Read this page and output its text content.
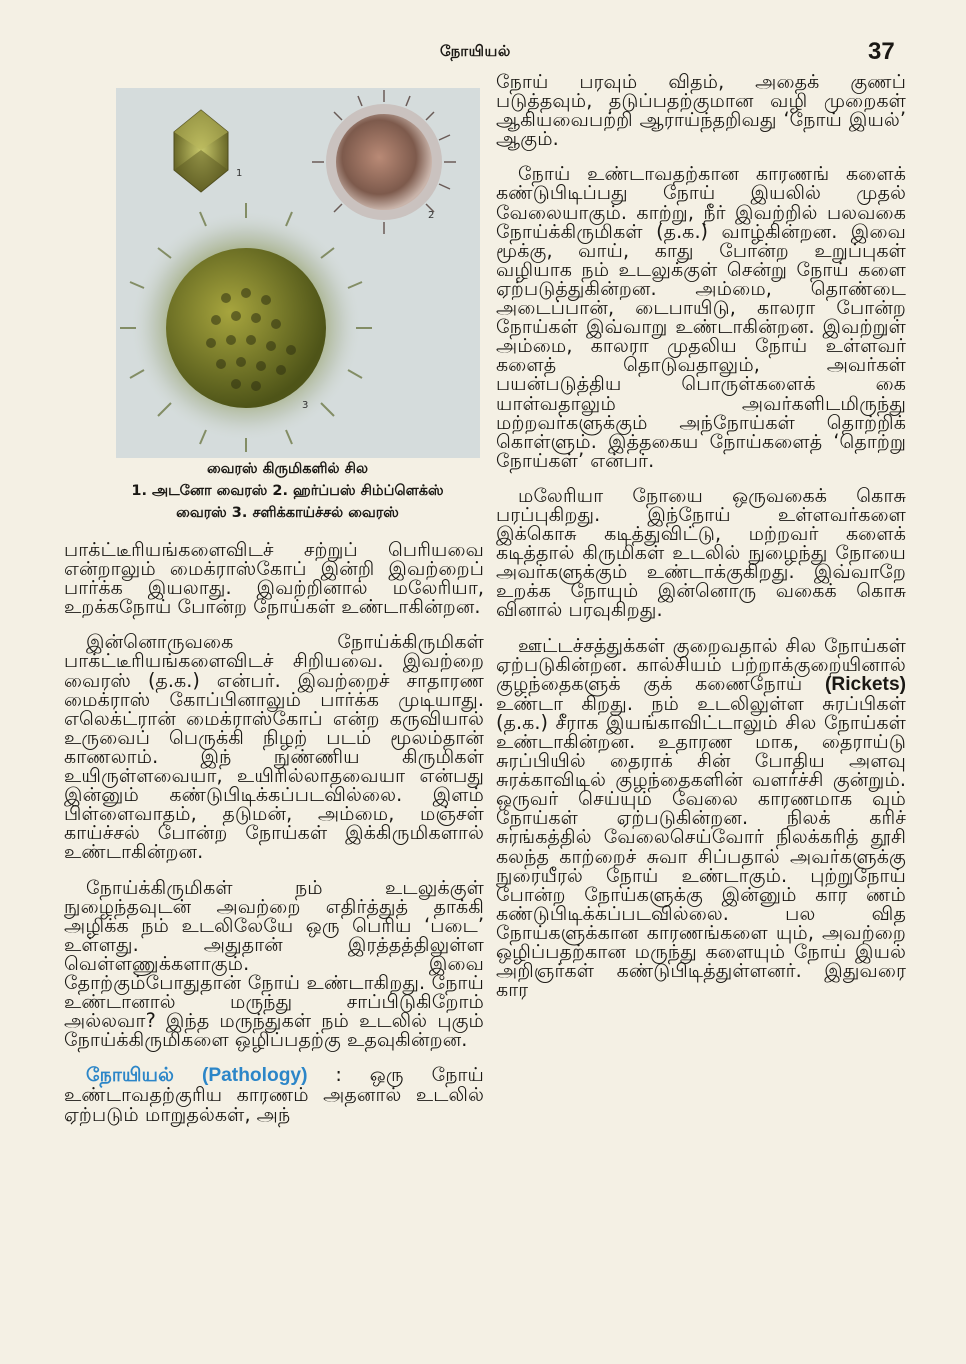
நோயியல்	37
1
2
3
வைரஸ் கிருமிகளில் சில
1. அடனோ வைரஸ் 2. ஹர்ப்பஸ் சிம்ப்ளெக்ஸ்
வைரஸ் 3. சளிக்காய்ச்சல் வைரஸ்

பாக்ட்டீரியங்களைவிடச் சற்றுப் பெரியவை என்றாலும் மைக்ராஸ்கோப் இன்றி இவற்றைப் பார்க்க இயலாது. இவற்றினால் மலேரியா, உறக்கநோய் போன்ற நோய்கள் உண்டாகின்றன.

இன்னொருவகை நோய்க்கிருமிகள் பாக்ட்டீரியங்களைவிடச் சிறியவை. இவற்றை வைரஸ் (த.க.) என்பர். இவற்றைச் சாதாரண மைக்ராஸ் கோப்பினாலும் பார்க்க முடியாது. எலெக்ட்ரான் மைக்ராஸ்கோப் என்ற கருவியால் உருவைப் பெருக்கி நிழற் படம் மூலம்தான் காணலாம். இந் நுண்ணிய கிருமிகள் உயிருள்ளவையா, உயிரில்லாதவையா என்பது இன்னும் கண்டுபிடிக்கப்படவில்லை. இளம் பிள்ளைவாதம், தடுமன், அம்மை, மஞ்சள் காய்ச்சல் போன்ற நோய்கள் இக்கிருமிகளால் உண்டாகின்றன.

நோய்க்கிருமிகள் நம் உடலுக்குள் நுழைந்தவுடன் அவற்றை எதிர்த்துத் தாக்கி அழிக்க நம் உடலிலேயே ஒரு பெரிய ‘படை’ உள்ளது. அதுதான் இரத்தத்திலுள்ள வெள்ளணுக்களாகும். இவை தோற்கும்போதுதான் நோய் உண்டாகிறது. நோய் உண்டானால் மருந்து சாப்பிடுகிறோம் அல்லவா? இந்த மருந்துகள் நம் உடலில் புகும் நோய்க்கிருமிகளை ஒழிப்பதற்கு உதவுகின்றன.

நோயியல் (Pathology) : ஒரு நோய் உண்டாவதற்குரிய காரணம் அதனால் உடலில் ஏற்படும் மாறுதல்கள், அந்

நோய் பரவும் விதம், அதைக் குணப் படுத்தவும், தடுப்பதற்குமான வழி முறைகள் ஆகியவைபற்றி ஆராய்ந்தறிவது ‘நோய் இயல்’ ஆகும்.

நோய் உண்டாவதற்கான காரணங் களைக் கண்டுபிடிப்பது நோய் இயலில் முதல் வேலையாகும். காற்று, நீர் இவற்றில் பலவகை நோய்க்கிருமிகள் (த.க.) வாழ்கின்றன. இவை மூக்கு, வாய், காது போன்ற உறுப்புகள் வழியாக நம் உடலுக்குள் சென்று நோய் களை ஏற்படுத்துகின்றன. அம்மை, தொண்டை அடைப்பான், டைபாயிடு, காலரா போன்ற நோய்கள் இவ்வாறு உண்டாகின்றன. இவற்றுள் அம்மை, காலரா முதலிய நோய் உள்ளவர் களைத் தொடுவதாலும், அவர்கள் பயன்படுத்திய பொருள்களைக் கை யாள்வதாலும் அவர்களிடமிருந்து மற்றவர்களுக்கும் அந்நோய்கள் தொற்றிக் கொள்ளும். இத்தகைய நோய்களைத் ‘தொற்று நோய்கள்’ என்பர்.

மலேரியா நோயை ஒருவகைக் கொசு பரப்புகிறது. இந்நோய் உள்ளவர்களை இக்கொசு கடித்துவிட்டு, மற்றவர் களைக் கடித்தால் கிருமிகள் உடலில் நுழைந்து நோயை அவர்களுக்கும் உண்டாக்குகிறது. இவ்வாறே உறக்க நோயும் இன்னொரு வகைக் கொசு வினால் பரவுகிறது.

ஊட்டச்சத்துக்கள் குறைவதால் சில நோய்கள் ஏற்படுகின்றன. கால்சியம் பற்றாக்குறையினால் குழந்தைகளுக் குக் கணைநோய் (Rickets) உண்டா கிறது. நம் உடலிலுள்ள சுரப்பிகள் (த.க.) சீராக இயங்காவிட்டாலும் சில நோய்கள் உண்டாகின்றன. உதாரண மாக, தைராய்டு சுரப்பியில் தைராக் சின் போதிய அளவு சுரக்காவிடில் குழந்தைகளின் வளர்ச்சி குன்றும். ஒருவர் செய்யும் வேலை காரணமாக வும் நோய்கள் ஏற்படுகின்றன. நிலக் கரிச் சுரங்கத்தில் வேலைசெய்வோர் நிலக்கரித் தூசி கலந்த காற்றைச் சுவா சிப்பதால் அவர்களுக்கு நுரையீரல் நோய் உண்டாகும். புற்றுநோய் போன்ற நோய்களுக்கு இன்னும் கார ணம் கண்டுபிடிக்கப்படவில்லை. பல வித நோய்களுக்கான காரணங்களை யும், அவற்றை ஒழிப்பதற்கான மருந்து களையும் நோய் இயல் அறிஞர்கள் கண்டுபிடித்துள்ளனர். இதுவரை கார
